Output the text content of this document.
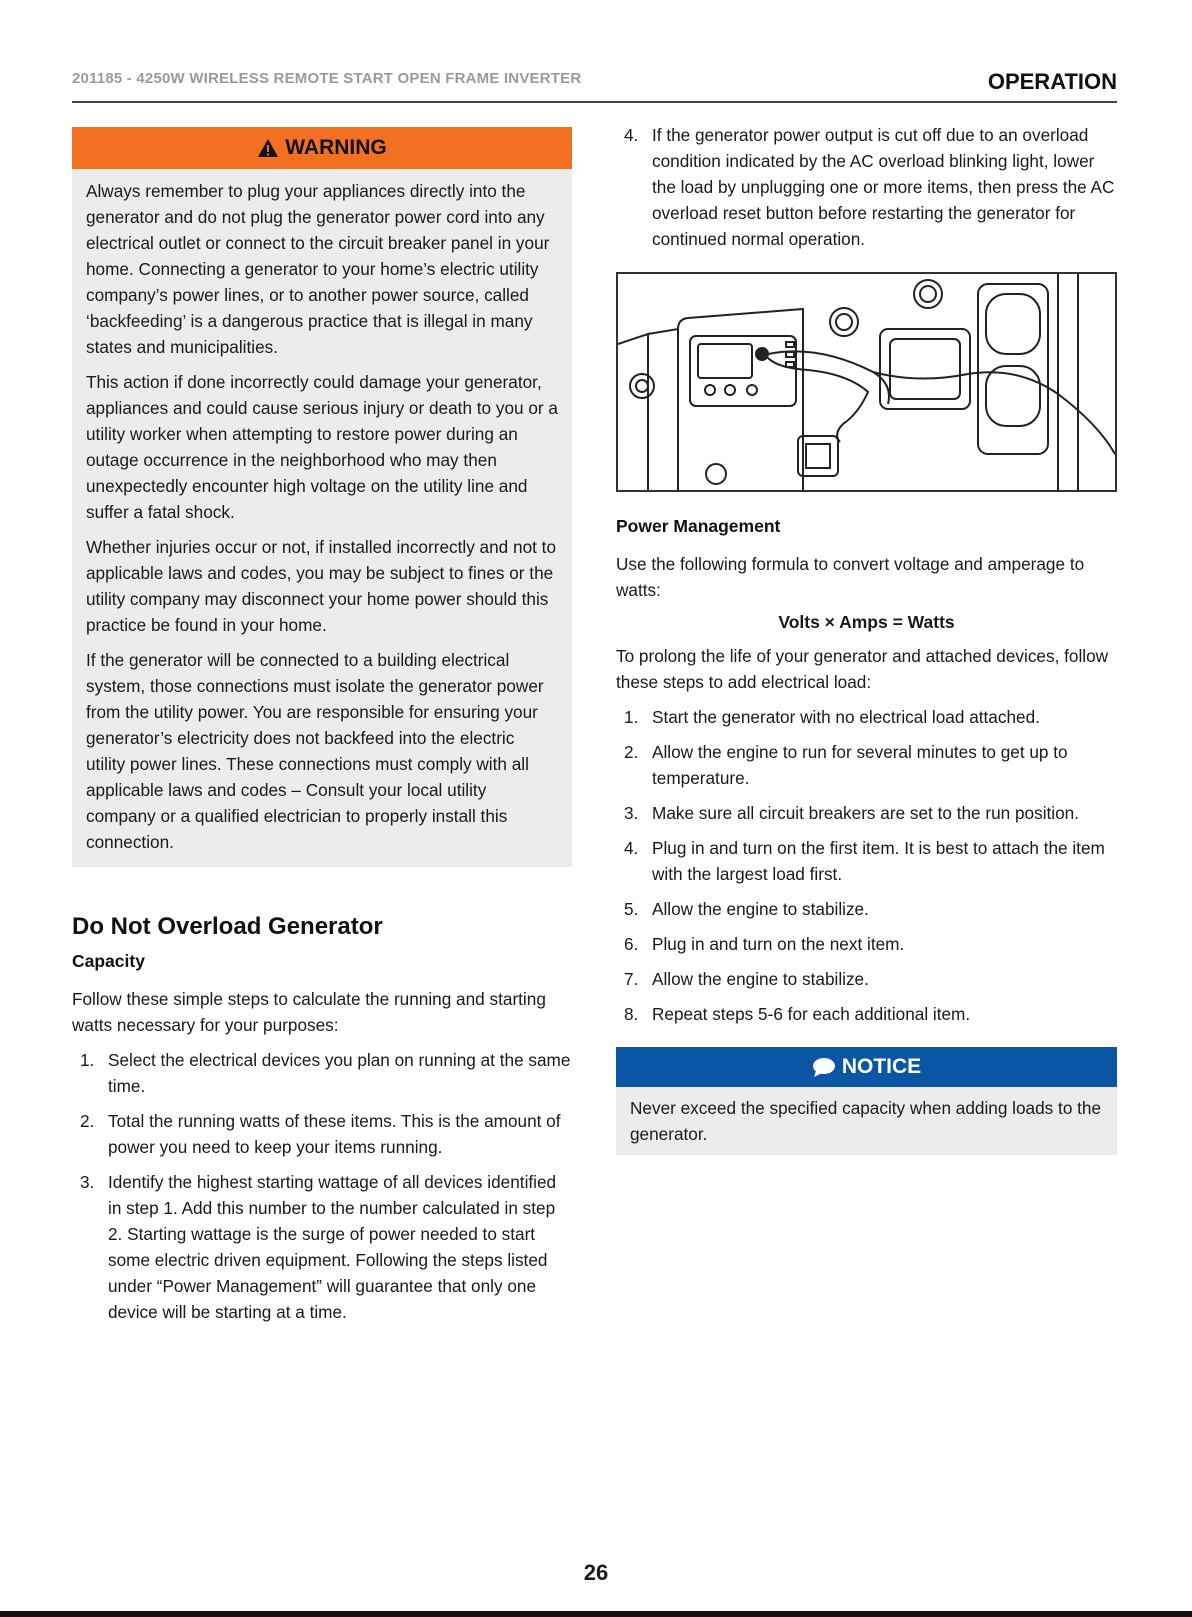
201185 - 4250W WIRELESS REMOTE START OPEN FRAME INVERTER	OPERATION
WARNING

Always remember to plug your appliances directly into the generator and do not plug the generator power cord into any electrical outlet or connect to the circuit breaker panel in your home. Connecting a generator to your home’s electric utility company’s power lines, or to another power source, called ‘backfeeding’ is a dangerous practice that is illegal in many states and municipalities.

This action if done incorrectly could damage your generator, appliances and could cause serious injury or death to you or a utility worker when attempting to restore power during an outage occurrence in the neighborhood who may then unexpectedly encounter high voltage on the utility line and suffer a fatal shock.

Whether injuries occur or not, if installed incorrectly and not to applicable laws and codes, you may be subject to fines or the utility company may disconnect your home power should this practice be found in your home.

If the generator will be connected to a building electrical system, those connections must isolate the generator power from the utility power. You are responsible for ensuring your generator’s electricity does not backfeed into the electric utility power lines. These connections must comply with all applicable laws and codes – Consult your local utility company or a qualified electrician to properly install this connection.

Do Not Overload Generator
Capacity

Follow these simple steps to calculate the running and starting watts necessary for your purposes:

1. Select the electrical devices you plan on running at the same time.
2. Total the running watts of these items. This is the amount of power you need to keep your items running.
3. Identify the highest starting wattage of all devices identified in step 1. Add this number to the number calculated in step 2. Starting wattage is the surge of power needed to start some electric driven equipment. Following the steps listed under “Power Management” will guarantee that only one device will be starting at a time.
4. If the generator power output is cut off due to an overload condition indicated by the AC overload blinking light, lower the load by unplugging one or more items, then press the AC overload reset button before restarting the generator for continued normal operation.
Power Management

Use the following formula to convert voltage and amperage to watts:

Volts × Amps = Watts

To prolong the life of your generator and attached devices, follow these steps to add electrical load:

1. Start the generator with no electrical load attached.
2. Allow the engine to run for several minutes to get up to temperature.
3. Make sure all circuit breakers are set to the run position.
4. Plug in and turn on the first item. It is best to attach the item with the largest load first.
5. Allow the engine to stabilize.
6. Plug in and turn on the next item.
7. Allow the engine to stabilize.
8. Repeat steps 5-6 for each additional item.
NOTICE
Never exceed the specified capacity when adding loads to the generator.
26
